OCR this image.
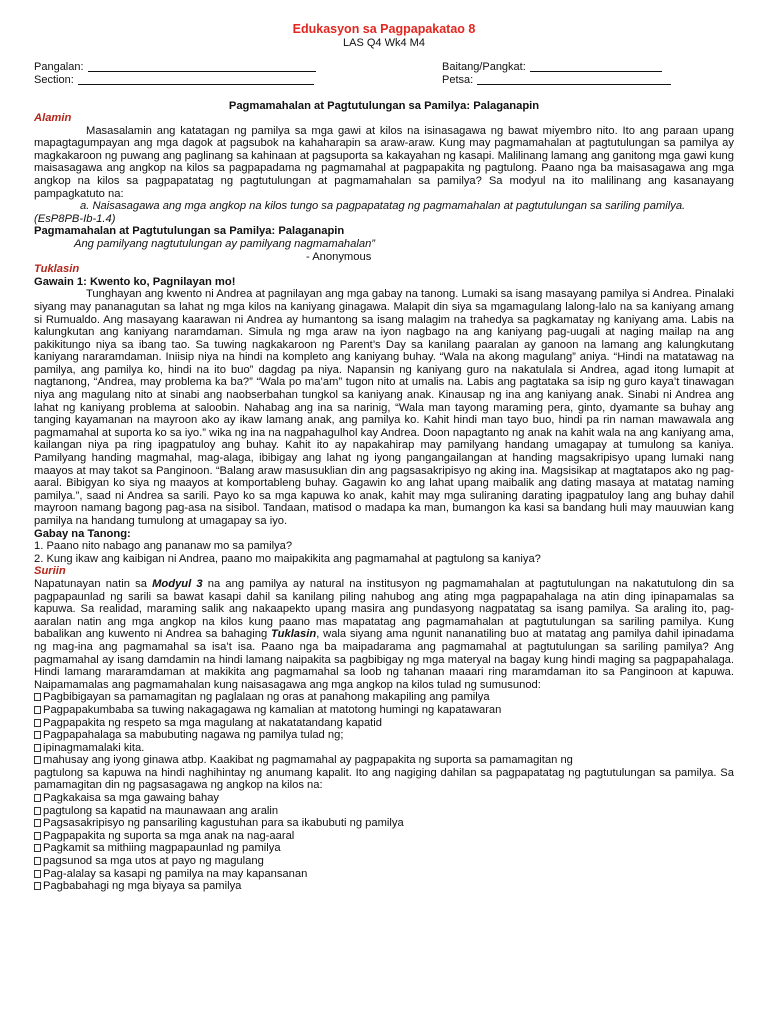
Edukasyon sa Pagpapakatao 8
LAS Q4 Wk4 M4
Pangalan:
Section:
Baitang/Pangkat:
Petsa:
Pagmamahalan at Pagtutulungan sa Pamilya: Palaganapin
Alamin

Masasalamin ang katatagan ng pamilya sa mga gawi at kilos na isinasagawa ng bawat miyembro nito. Ito ang paraan upang mapagtagumpayan ang mga dagok at pagsubok na kahaharapin sa araw-araw. Kung may pagmamahalan at pagtutulungan sa pamilya ay magkakaroon ng puwang ang paglinang sa kahinaan at pagsuporta sa kakayahan ng kasapi. Malilinang lamang ang ganitong mga gawi kung maisasagawa ang angkop na kilos sa pagpapadama ng pagmamahal at pagpapakita ng pagtulong. Paano nga ba maisasagawa ang mga angkop na kilos sa pagpapatatag ng pagtutulungan at pagmamahalan sa pamilya? Sa modyul na ito malilinang ang kasanayang pampagkatuto na:

a. Naisasagawa ang mga angkop na kilos tungo sa pagpapatatag ng pagmamahalan at pagtutulungan sa sariling pamilya.
(EsP8PB-Ib-1.4)
Pagmamahalan at Pagtutulungan sa Pamilya: Palaganapin
Ang pamilyang nagtutulungan ay pamilyang nagmamahalan”
- Anonymous
Tuklasin
Gawain 1: Kwento ko, Pagnilayan mo!

Tunghayan ang kwento ni Andrea at pagnilayan ang mga gabay na tanong. Lumaki sa isang masayang pamilya si Andrea. Pinalaki siyang may pananagutan sa lahat ng mga kilos na kaniyang ginagawa. Malapit din siya sa mgamagulang lalong-lalo na sa kaniyang amang si Rumualdo. Ang masayang kaarawan ni Andrea ay humantong sa isang malagim na trahedya sa pagkamatay ng kaniyang ama. Labis na kalungkutan ang kaniyang naramdaman. Simula ng mga araw na iyon nagbago na ang kaniyang pag-uugali at naging mailap na ang pakikitungo niya sa ibang tao. Sa tuwing nagkakaroon ng Parent’s Day sa kanilang paaralan ay ganoon na lamang ang kalungkutang kaniyang nararamdaman. Iniisip niya na hindi na kompleto ang kaniyang buhay. “Wala na akong magulang” aniya. “Hindi na matatawag na pamilya, ang pamilya ko, hindi na ito buo” dagdag pa niya. Napansin ng kaniyang guro na nakatulala si Andrea, agad itong lumapit at nagtanong, “Andrea, may problema ka ba?” “Wala po ma’am” tugon nito at umalis na. Labis ang pagtataka sa isip ng guro kaya’t tinawagan niya ang magulang nito at sinabi ang naobserbahan tungkol sa kaniyang anak. Kinausap ng ina ang kaniyang anak. Sinabi ni Andrea ang lahat ng kaniyang problema at saloobin. Nahabag ang ina sa narinig, “Wala man tayong maraming pera, ginto, dyamante sa buhay ang tanging kayamanan na mayroon ako ay ikaw lamang anak, ang pamilya ko. Kahit hindi man tayo buo, hindi pa rin naman mawawala ang pagmamahal at suporta ko sa iyo.” wika ng ina na nagpahagulhol kay Andrea. Doon napagtanto ng anak na kahit wala na ang kaniyang ama, kailangan niya pa ring ipagpatuloy ang buhay. Kahit ito ay napakahirap may pamilyang handang umagapay at tumulong sa kaniya. Pamilyang handing magmahal, mag-alaga, ibibigay ang lahat ng iyong pangangailangan at handing magsakripisyo upang lumaki nang maayos at may takot sa Panginoon. “Balang araw masusuklian din ang pagsasakripisyo ng aking ina. Magsisikap at magtatapos ako ng pag-aaral. Bibigyan ko siya ng maayos at komportableng buhay. Gagawin ko ang lahat upang maibalik ang dating masaya at matatag naming pamilya.”, saad ni Andrea sa sarili. Payo ko sa mga kapuwa ko anak, kahit may mga suliraning darating ipagpatuloy lang ang buhay dahil mayroon namang bagong pag-asa na sisibol. Tandaan, matisod o madapa ka man, bumangon ka kasi sa bandang huli may mauuwian kang pamilya na handang tumulong at umagapay sa iyo.

Gabay na Tanong:
1. Paano nito nabago ang pananaw mo sa pamilya?
2. Kung ikaw ang kaibigan ni Andrea, paano mo maipakikita ang pagmamahal at pagtulong sa kaniya?
Suriin

Napatunayan natin sa Modyul 3 na ang pamilya ay natural na institusyon ng pagmamahalan at pagtutulungan na nakatutulong din sa pagpapaunlad ng sarili sa bawat kasapi dahil sa kanilang piling nahubog ang ating mga pagpapahalaga na atin ding ipinapamalas sa kapuwa. Sa realidad, maraming salik ang nakaapekto upang masira ang pundasyong nagpatatag sa isang pamilya. Sa araling ito, pag-aaralan natin ang mga angkop na kilos kung paano mas mapatatag ang pagmamahalan at pagtutulungan sa sariling pamilya. Kung babalikan ang kuwento ni Andrea sa bahaging Tuklasin, wala siyang ama ngunit nananatiling buo at matatag ang pamilya dahil ipinadama ng mag-ina ang pagmamahal sa isa’t isa. Paano nga ba maipadarama ang pagmamahal at pagtutulungan sa sariling pamilya? Ang pagmamahal ay isang damdamin na hindi lamang naipakita sa pagbibigay ng mga materyal na bagay kung hindi maging sa pagpapahalaga. Hindi lamang mararamdaman at makikita ang pagmamahal sa loob ng tahanan maaari ring maramdaman ito sa Panginoon at kapuwa. Naipamamalas ang pagmamahalan kung naisasagawa ang mga angkop na kilos tulad ng sumusunod:

Pagbibigayan sa pamamagitan ng paglalaan ng oras at panahong makapiling ang pamilya
Pagpapakumbaba sa tuwing nakagagawa ng kamalian at matotong humingi ng kapatawaran
Pagpapakita ng respeto sa mga magulang at nakatatandang kapatid
Pagpapahalaga sa mabubuting nagawa ng pamilya tulad ng;
ipinagmamalaki kita.
mahusay ang iyong ginawa atbp. Kaakibat ng pagmamahal ay pagpapakita ng suporta sa pamamagitan ng

pagtulong sa kapuwa na hindi naghihintay ng anumang kapalit. Ito ang nagiging dahilan sa pagpapatatag ng pagtutulungan sa pamilya. Sa pamamagitan din ng pagsasagawa ng angkop na kilos na:

Pagkakaisa sa mga gawaing bahay
pagtulong sa kapatid na maunawaan ang aralin
Pagsasakripisyo ng pansariling kagustuhan para sa ikabubuti ng pamilya
Pagpapakita ng suporta sa mga anak na nag-aaral
Pagkamit sa mithiing magpapaunlad ng pamilya
pagsunod sa mga utos at payo ng magulang
Pag-alalay sa kasapi ng pamilya na may kapansanan
Pagbabahagi ng mga biyaya sa pamilya
